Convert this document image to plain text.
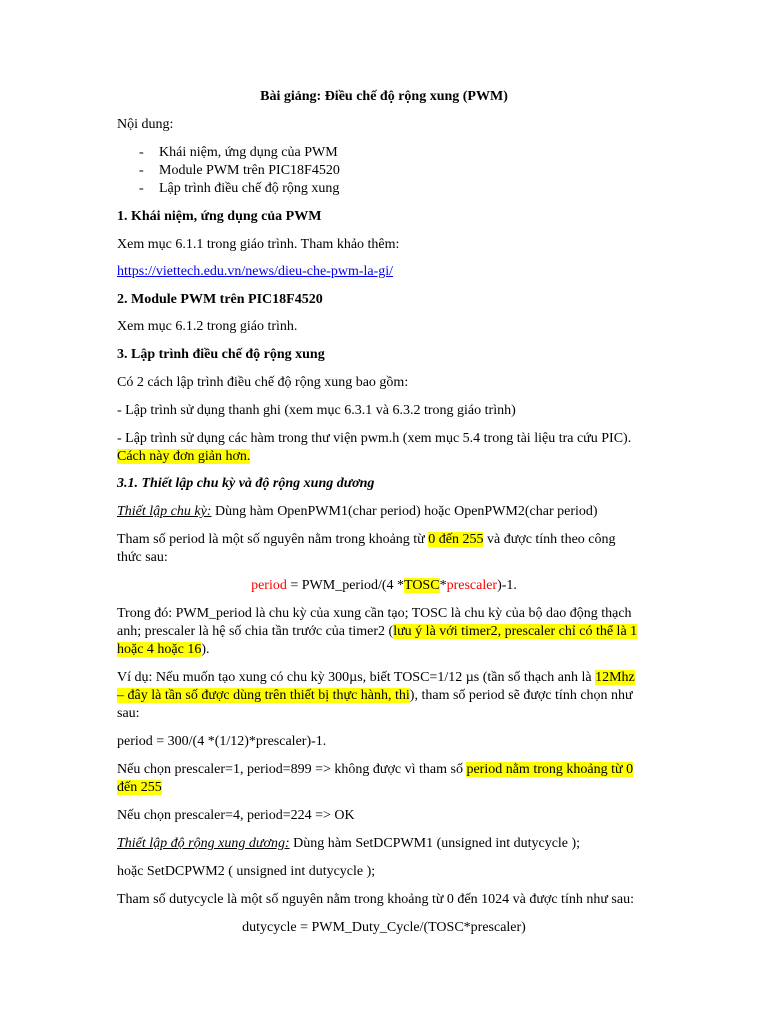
Bài giảng: Điều chế độ rộng xung (PWM)
Nội dung:
- Khái niệm, ứng dụng của PWM
- Module PWM trên PIC18F4520
- Lập trình điều chế độ rộng xung
1. Khái niệm, ứng dụng của PWM
Xem mục 6.1.1 trong giáo trình. Tham khảo thêm:
https://viettech.edu.vn/news/dieu-che-pwm-la-gi/
2. Module PWM trên PIC18F4520
Xem mục 6.1.2 trong giáo trình.
3. Lập trình điều chế độ rộng xung
Có 2 cách lập trình điều chế độ rộng xung bao gồm:
- Lập trình sử dụng thanh ghi (xem mục 6.3.1 và 6.3.2 trong giáo trình)
- Lập trình sử dụng các hàm trong thư viện pwm.h (xem mục 5.4 trong tài liệu tra cứu PIC).
Cách này đơn giản hơn.
3.1. Thiết lập chu kỳ và độ rộng xung dương
Thiết lập chu kỳ: Dùng hàm OpenPWM1(char period) hoặc OpenPWM2(char period)
Tham số period là một số nguyên nằm trong khoảng từ 0 đến 255 và được tính theo công
thức sau:
period = PWM_period/(4 *TOSC*prescaler)-1.
Trong đó: PWM_period là chu kỳ của xung cần tạo; TOSC là chu kỳ của bộ dao động thạch
anh; prescaler là hệ số chia tần trước của timer2 (lưu ý là với timer2, prescaler chỉ có thể là 1
hoặc 4 hoặc 16).
Ví dụ: Nếu muốn tạo xung có chu kỳ 300µs, biết TOSC=1/12 µs (tần số thạch anh là 12Mhz
– đây là tần số được dùng trên thiết bị thực hành, thi), tham số period sẽ được tính chọn như
sau:
period = 300/(4 *(1/12)*prescaler)-1.
Nếu chọn prescaler=1, period=899 => không được vì tham số period nằm trong khoảng từ 0
đến 255
Nếu chọn prescaler=4, period=224 => OK
Thiết lập độ rộng xung dương: Dùng hàm SetDCPWM1 (unsigned int dutycycle );
hoặc SetDCPWM2 ( unsigned int dutycycle );
Tham số dutycycle là một số nguyên nằm trong khoảng từ 0 đến 1024 và được tính như sau:
dutycycle = PWM_Duty_Cycle/(TOSC*prescaler)
